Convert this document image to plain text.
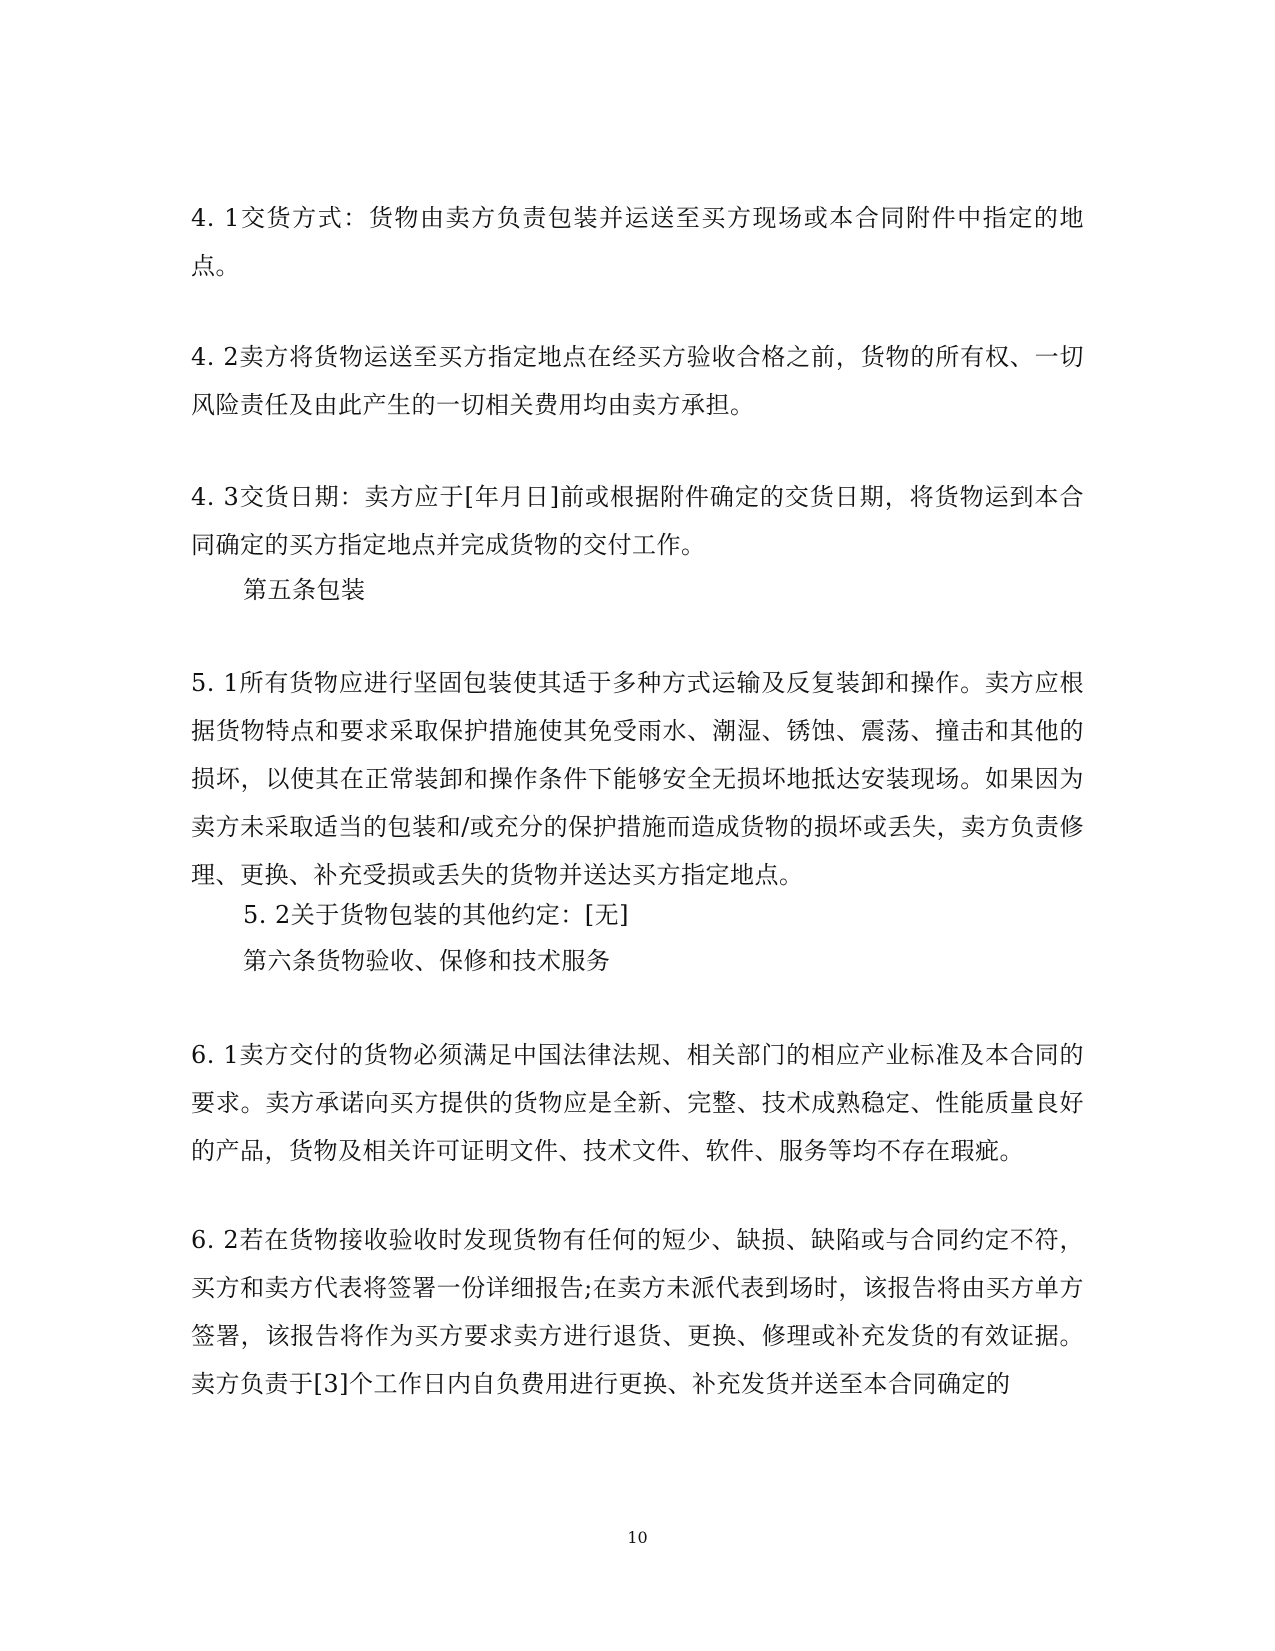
4. 1交货方式：货物由卖方负责包装并运送至买方现场或本合同附件中指定的地点。

4. 2卖方将货物运送至买方指定地点在经买方验收合格之前，货物的所有权、一切风险责任及由此产生的一切相关费用均由卖方承担。

4. 3交货日期：卖方应于[年月日]前或根据附件确定的交货日期，将货物运到本合同确定的买方指定地点并完成货物的交付工作。

第五条包装

5. 1所有货物应进行坚固包装使其适于多种方式运输及反复装卸和操作。卖方应根据货物特点和要求采取保护措施使其免受雨水、潮湿、锈蚀、震荡、撞击和其他的损坏，以使其在正常装卸和操作条件下能够安全无损坏地抵达安装现场。如果因为卖方未采取适当的包装和/或充分的保护措施而造成货物的损坏或丢失，卖方负责修理、更换、补充受损或丢失的货物并送达买方指定地点。

5. 2关于货物包装的其他约定：[无]

第六条货物验收、保修和技术服务

6. 1卖方交付的货物必须满足中国法律法规、相关部门的相应产业标准及本合同的要求。卖方承诺向买方提供的货物应是全新、完整、技术成熟稳定、性能质量良好的产品，货物及相关许可证明文件、技术文件、软件、服务等均不存在瑕疵。

6. 2若在货物接收验收时发现货物有任何的短少、缺损、缺陷或与合同约定不符，买方和卖方代表将签署一份详细报告;在卖方未派代表到场时，该报告将由买方单方签署，该报告将作为买方要求卖方进行退货、更换、修理或补充发货的有效证据。卖方负责于[3]个工作日内自负费用进行更换、补充发货并送至本合同确定的

10
